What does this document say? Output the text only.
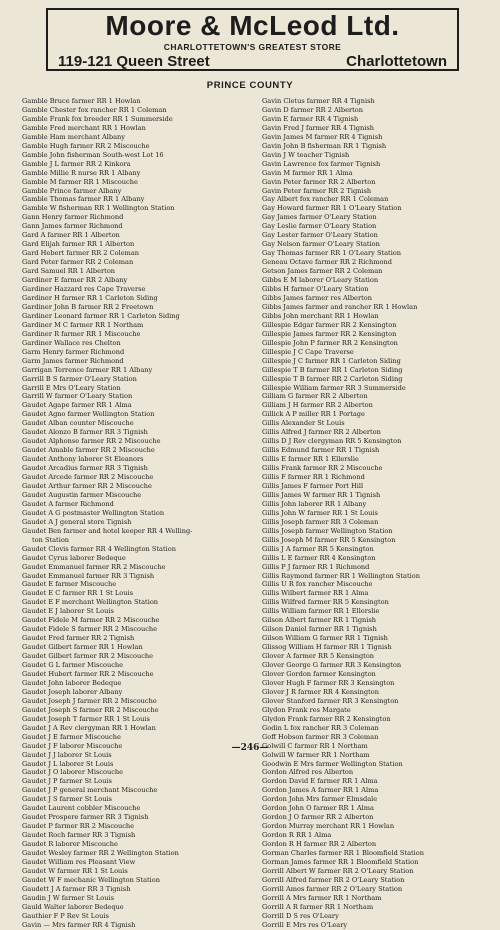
Moore & McLeod Ltd.
CHARLOTTETOWN'S GREATEST STORE
119-121 Queen Street	Charlottetown
PRINCE COUNTY
Gamble Bruce farmer RR 1 Howlan
Gamble Chester fox rancher RR 1 Coleman
Gamble Frank fox breeder RR 1 Summerside
Gamble Fred merchant RR 1 Howlan
Gamble Ham merchant Albany
Gamble Hugh farmer RR 2 Miscouche
Gamble John fisherman South-west Lot 16
Gamble J L farmer RR 2 Kinkora
Gamble Millie R nurse RR 1 Albany
Gamble M farmer RR 1 Miscouche
Gamble Prince farmer Albany
Gamble Thomas farmer RR 1 Albany
Gamble W fisherman RR 1 Wellington Station
Gann Henry farmer Richmond
Gann James farmer Richmond
Gard A farmer RR 1 Alberton
Gard Elijah farmer RR 1 Alberton
Gard Hebert farmer RR 2 Coleman
Gard Peter farmer RR 2 Coleman
Gard Samuel RR 1 Alberton
Gardiner E farmer RR 2 Albany
Gardiner Hazzard res Cape Traverse
Gardiner H farmer RR 1 Carleton Siding
Gardiner John B farmer RR 2 Freetown
Gardiner Leonard farmer RR 1 Carleton Siding
Gardiner M C farmer RR 1 Northam
Gardiner R farmer RR 1 Miscouche
Gardiner Wallace res Chelton
Garm Henry farmer Richmond
Garm James farmer Richmond
Garrigan Terrence farmer RR 1 Albany
Garrill B S farmer O'Leary Station
Garrill E Mrs O'Leary Station
Garrill W farmer O'Leary Station
Gaudet Agape farmer RR 1 Alma
Gaudet Agno farmer Wellington Station
Gaudet Alban counter Miscouche
Gaudet Alonzo B farmer RR 3 Tignish
Gaudet Alphonse farmer RR 2 Miscouche
Gaudet Amable farmer RR 2 Miscouche
Gaudet Anthony laborer St Eleanors
Gaudet Arcadius farmer RR 3 Tignish
Gaudet Arcede farmer RR 2 Miscouche
Gaudet Arthur farmer RR 2 Miscouche
Gaudet Augustin farmer Miscouche
Gaudet A farmer Richmond
Gaudet A G postmaster Wellington Station
Gaudet A J general store Tignish
Gaudet Ben farmer and hotel keeper RR 4 Welling-
ton Station
Gaudet Clovis farmer RR 4 Wellington Station
Gaudet Cyrus laborer Bedeque
Gaudet Emmanuel farmer RR 2 Miscouche
Gaudet Emmanuel farmer RR 3 Tignish
Gaudet E farmer Miscouche
Gaudet E C farmer RR 1 St Louis
Gaudet E F merchant Wellington Station
Gaudet E J laborer St Louis
Gaudet Fidele M farmer RR 2 Miscouche
Gaudet Fidele S farmer RR 2 Miscouche
Gaudet Fred farmer RR 2 Tignish
Gaudet Gilbert farmer RR 1 Howlan
Gaudet Gilbert farmer RR 2 Miscouche
Gaudet G L farmer Miscouche
Gaudet Hubert farmer RR 2 Miscouche
Gaudet John laborer Bedeque
Gaudet Joseph laborer Albany
Gaudet Joseph J farmer RR 2 Miscouche
Gaudet Joseph S farmer RR 2 Miscouche
Gaudet Joseph T farmer RR 1 St Louis
Gaudet J A Rev clergyman RR 1 Howlan
Gaudet J E farmer Miscouche
Gaudet J F laborer Miscouche
Gaudet J J laborer St Louis
Gaudet J L laborer St Louis
Gaudet J O laborer Miscouche
Gaudet J P farmer St Louis
Gaudet J P general merchant Miscouche
Gaudet J S farmer St Louis
Gaudet Laurent cobbler Miscouche
Gaudet Prospere farmer RR 3 Tignish
Gaudet P farmer RR 2 Miscouche
Gaudet Roch farmer RR 3 Tignish
Gaudet R laborer Miscouche
Gaudet Wesley farmer RR 2 Wellington Station
Gaudet William res Pleasant View
Gaudet W farmer RR 1 St Louis
Gaudet W F mechanic Wellington Station
Gaudett J A farmer RR 3 Tignish
Gaudin J W farmer St Louis
Gauld Walter laborer Bedeque
Gauthier F P Rev St Louis
Gavin — Mrs farmer RR 4 Tignish
Gavin Cletus farmer RR 4 Tignish
Gavin D farmer RR 2 Alberton
Gavin E farmer RR 4 Tignish
Gavin Fred J farmer RR 4 Tignish
Gavin James M farmer RR 4 Tignish
Gavin John B fisherman RR 1 Tignish
Gavin J W teacher Tignish
Gavin Lawrence fox farmer Tignish
Gavin M farmer RR 1 Alma
Gavin Peter farmer RR 2 Alberton
Gavin Peter farmer RR 2 Tignish
Gay Albert fox rancher RR 1 Coleman
Gay Howard farmer RR 1 O'Leary Station
Gay James farmer O'Leary Station
Gay Leslie farmer O'Leary Station
Gay Lester farmer O'Leary Station
Gay Nelson farmer O'Leary Station
Gay Thomas farmer RR 1 O'Leary Station
Geneau Octave farmer RR 2 Richmond
Getson James farmer RR 2 Coleman
Gibbs E M laborer O'Leary Station
Gibbs H farmer O'Leary Station
Gibbs James farmer res Alberton
Gibbs James farmer and rancher RR 1 Howlan
Gibbs John merchant RR 1 Howlan
Gillespie Edgar farmer RR 2 Kensington
Gillespie James farmer RR 2 Kensington
Gillespie John P farmer RR 2 Kensington
Gillespie J C Cape Traverse
Gillespie J C farmer RR 1 Carleton Siding
Gillespie T B farmer RR 1 Carleton Siding
Gillespie T B farmer RR 2 Carleton Siding
Gillespie William farmer RR 3 Summerside
Gilliam G farmer RR 2 Alberton
Gilliam J H farmer RR 2 Alberton
Gillick A P miller RR 1 Portage
Gillis Alexander St Louis
Gillis Alfred J farmer RR 2 Alberton
Gillis D J Rev clergyman RR 5 Kensington
Gillis Edmund farmer RR 1 Tignish
Gillis E farmer RR 1 Ellerslie
Gillis Frank farmer RR 2 Miscouche
Gillis F farmer RR 1 Richmond
Gillis James F farmer Port Hill
Gillis James W farmer RR 1 Tignish
Gillis John laborer RR 1 Albany
Gillis John W farmer RR 1 St Louis
Gillis Joseph farmer RR 3 Coleman
Gillis Joseph farmer Wellington Station
Gillis Joseph M farmer RR 5 Kensington
Gillis J A farmer RR 5 Kensington
Gillis L E farmer RR 4 Kensington
Gillis P J farmer RR 1 Richmond
Gillis Raymond farmer RR 1 Wellington Station
Gillis U R fox rancher Miscouche
Gillis Wilbert farmer RR 1 Alma
Gillis Wilfred farmer RR 5 Kensington
Gillis William farmer RR 1 Ellerslie
Gilson Albert farmer RR 1 Tignish
Gilson Daniel farmer RR 1 Tignish
Gilson William G farmer RR 1 Tignish
Glissog William H farmer RR 1 Tignish
Glover A farmer RR 5 Kensington
Glover George G farmer RR 3 Kensington
Glover Gordon farmer Kensington
Glover Hugh F farmer RR 3 Kensington
Glover J R farmer RR 4 Kensington
Glover Stanford farmer RR 3 Kensington
Glydon Frank res Margate
Glydon Frank farmer RR 2 Kensington
Godin L fox rancher RR 3 Coleman
Goff Hobson farmer RR 3 Coleman
Golwill C farmer RR 1 Northam
Golwill W farmer RR 1 Northam
Goodwin E Mrs farmer Wellington Station
Gordon Alfred res Alberton
Gordon David E farmer RR 1 Alma
Gordon James A farmer RR 1 Alma
Gordon John Mrs farmer Elmsdale
Gordon John O farmer RR 1 Alma
Gordon J O farmer RR 2 Alberton
Gordon Murray merchant RR 1 Howlan
Gordon R RR 1 Alma
Gordon R H farmer RR 2 Alberton
Gorman Charles farmer RR 1 Bloomfield Station
Gorman James farmer RR 1 Bloomfield Station
Gorrill Albert W farmer RR 2 O'Leary Station
Gorrill Alfred farmer RR 2 O'Leary Station
Gorrill Amos farmer RR 2 O'Leary Station
Gorrill A Mrs farmer RR 1 Northam
Gorrill A R farmer RR 1 Northam
Gorrill D S res O'Leary
Gorrill E Mrs res O'Leary
—246—
